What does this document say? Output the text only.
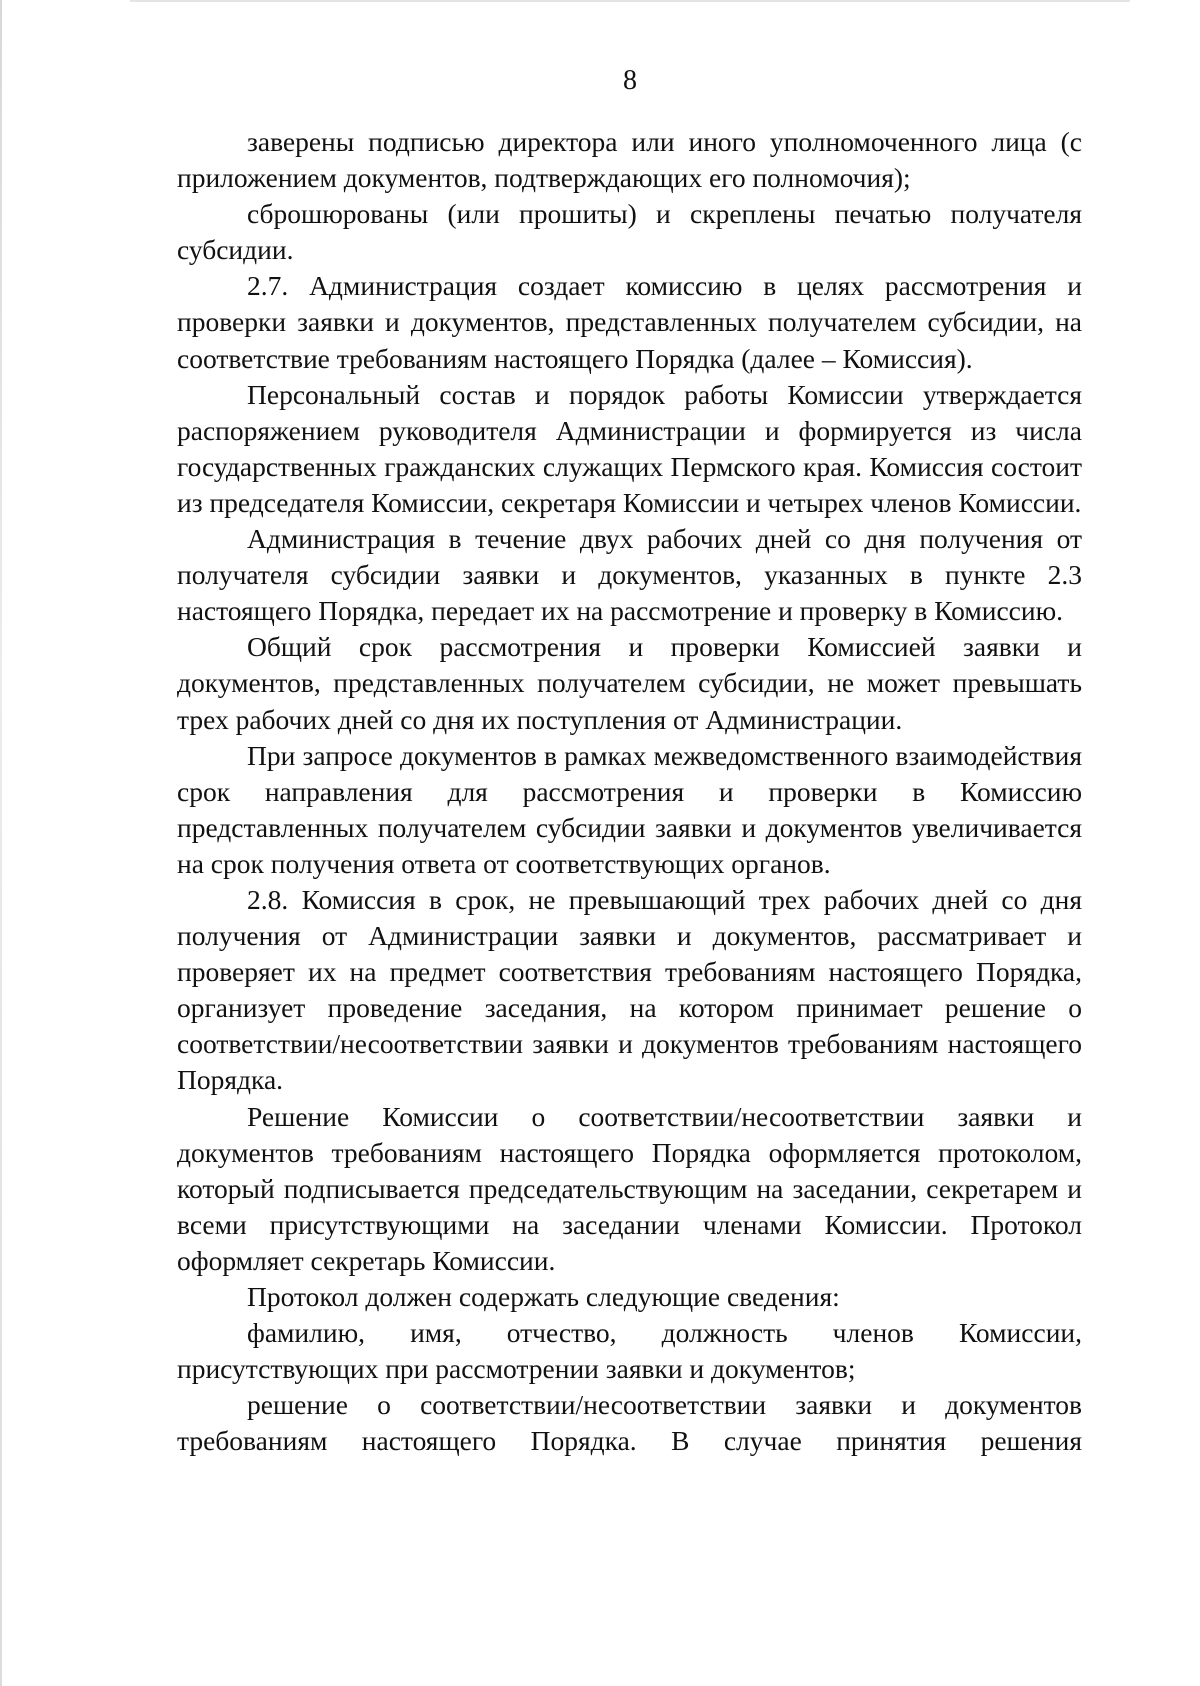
8

заверены подписью директора или иного уполномоченного лица (с приложением документов, подтверждающих его полномочия);

сброшюрованы (или прошиты) и скреплены печатью получателя субсидии.

2.7. Администрация создает комиссию в целях рассмотрения и проверки заявки и документов, представленных получателем субсидии, на соответствие требованиям настоящего Порядка (далее – Комиссия).

Персональный состав и порядок работы Комиссии утверждается распоряжением руководителя Администрации и формируется из числа государственных гражданских служащих Пермского края. Комиссия состоит из председателя Комиссии, секретаря Комиссии и четырех членов Комиссии.

Администрация в течение двух рабочих дней со дня получения от получателя субсидии заявки и документов, указанных в пункте 2.3 настоящего Порядка, передает их на рассмотрение и проверку в Комиссию.

Общий срок рассмотрения и проверки Комиссией заявки и документов, представленных получателем субсидии, не может превышать трех рабочих дней со дня их поступления от Администрации.

При запросе документов в рамках межведомственного взаимодействия срок направления для рассмотрения и проверки в Комиссию представленных получателем субсидии заявки и документов увеличивается на срок получения ответа от соответствующих органов.

2.8. Комиссия в срок, не превышающий трех рабочих дней со дня получения от Администрации заявки и документов, рассматривает и проверяет их на предмет соответствия требованиям настоящего Порядка, организует проведение заседания, на котором принимает решение о соответствии/несоответствии заявки и документов требованиям настоящего Порядка.

Решение Комиссии о соответствии/несоответствии заявки и документов требованиям настоящего Порядка оформляется протоколом, который подписывается председательствующим на заседании, секретарем и всеми присутствующими на заседании членами Комиссии. Протокол оформляет секретарь Комиссии.

Протокол должен содержать следующие сведения:

фамилию, имя, отчество, должность членов Комиссии, присутствующих при рассмотрении заявки и документов;

решение о соответствии/несоответствии заявки и документов требованиям настоящего Порядка. В случае принятия решения
